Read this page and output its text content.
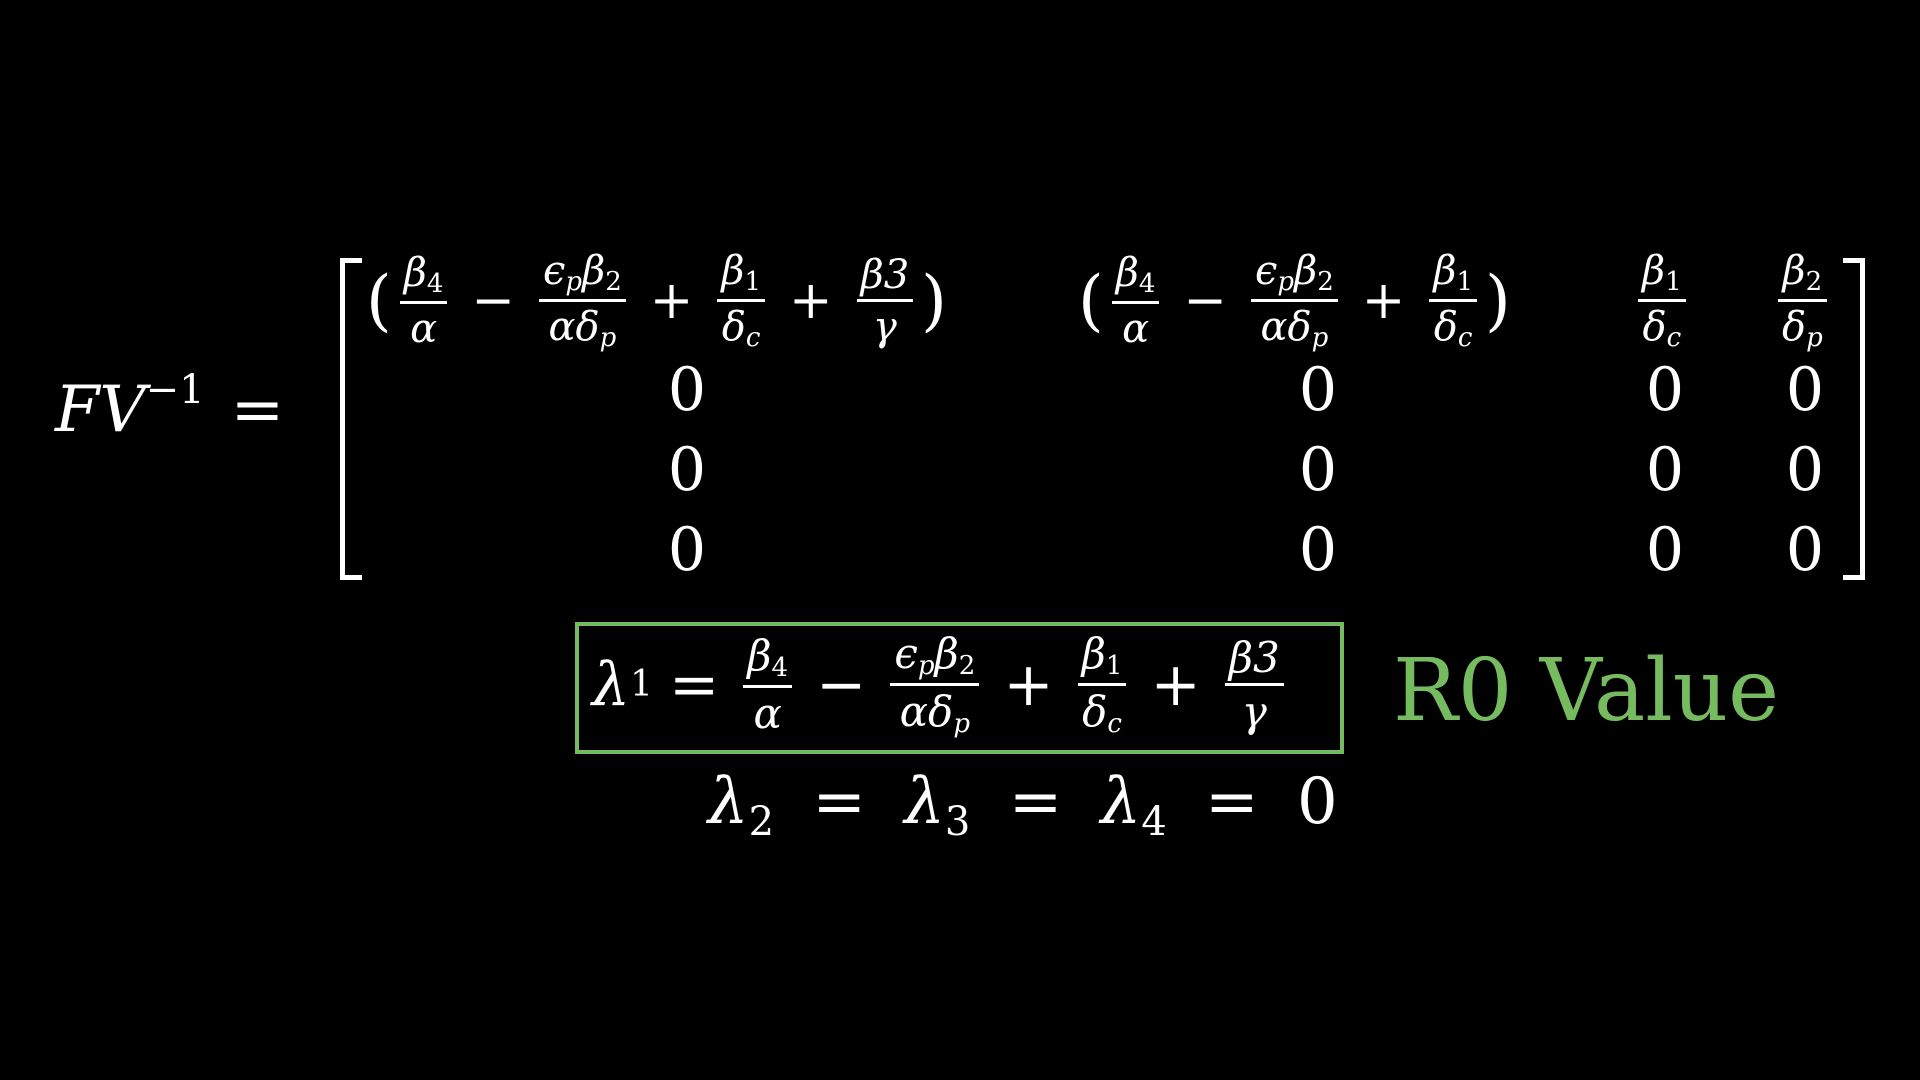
$FV^{-1}$ =
( $\frac{\beta_4}{\alpha} - \frac{\epsilon p\beta_2}{\text{αδp}} + \frac{\beta_1}{\delta c} + \frac{\beta 3}{\gamma}$ ) ( $\frac{\beta_4}{\alpha} - \frac{\epsilon p\beta_2}{\text{αδp}} + \frac{\beta_1}{\delta c}$ )	$\frac{\beta_1}{\delta c} \frac{\beta_2}{\delta p}$
0	0	0 0
0	0	0 0
0	0	0 0
λ $1 = \frac{\beta_4}{\alpha} - \frac{\epsilon p\beta_2}{\text{αδp}} + \frac{\beta_1}{\delta c} + \frac{\beta 3}{\gamma} R0$ Value
$\lambda_2 = \lambda_3 = \lambda_4 = 0$
